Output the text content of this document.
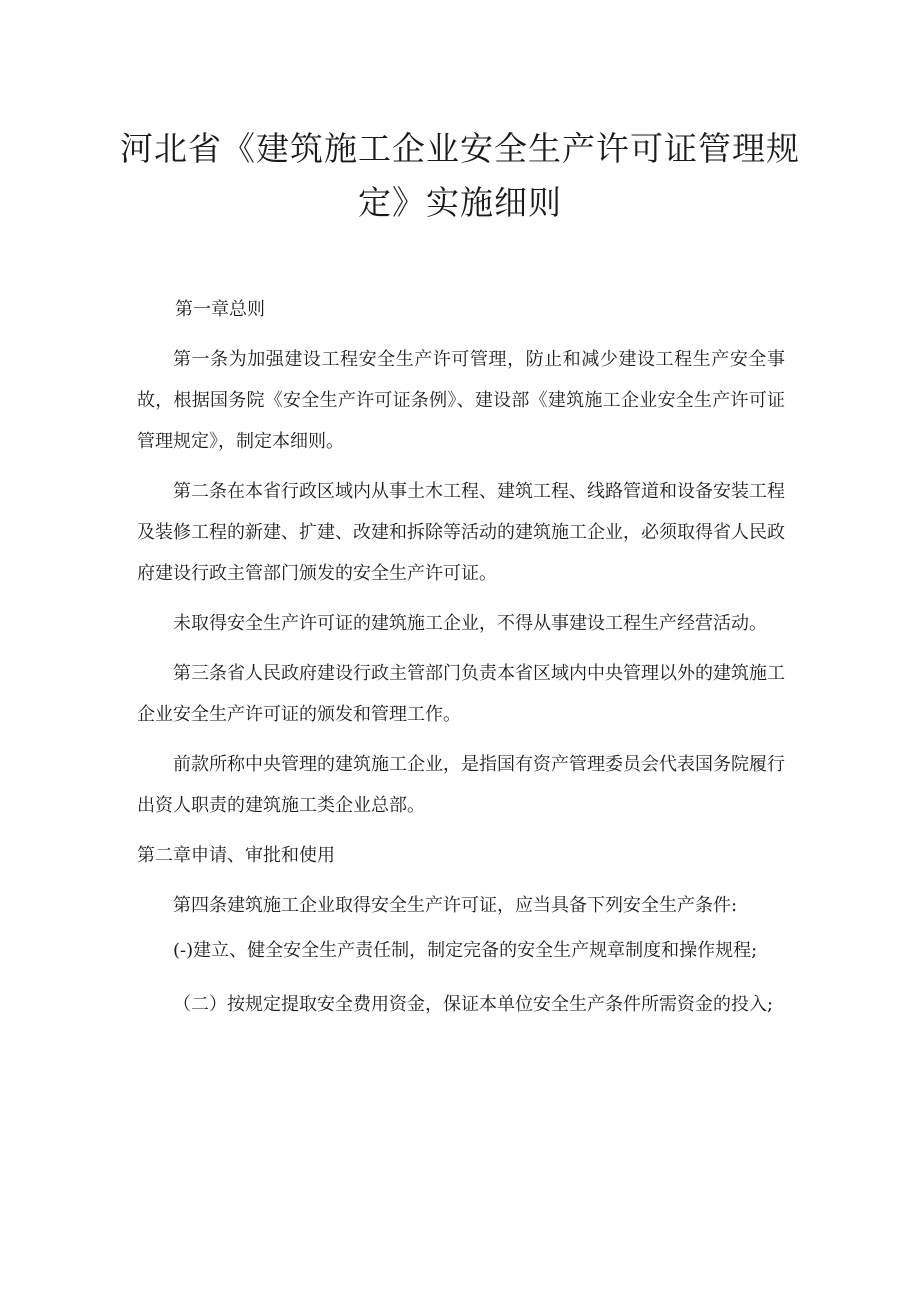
河北省《建筑施工企业安全生产许可证管理规定》实施细则

第一章总则

第一条为加强建设工程安全生产许可管理，防止和减少建设工程生产安全事故，根据国务院《安全生产许可证条例》、建设部《建筑施工企业安全生产许可证管理规定》，制定本细则。

第二条在本省行政区域内从事土木工程、建筑工程、线路管道和设备安装工程及装修工程的新建、扩建、改建和拆除等活动的建筑施工企业，必须取得省人民政府建设行政主管部门颁发的安全生产许可证。

未取得安全生产许可证的建筑施工企业，不得从事建设工程生产经营活动。

第三条省人民政府建设行政主管部门负责本省区域内中央管理以外的建筑施工企业安全生产许可证的颁发和管理工作。

前款所称中央管理的建筑施工企业，是指国有资产管理委员会代表国务院履行出资人职责的建筑施工类企业总部。

第二章申请、审批和使用

第四条建筑施工企业取得安全生产许可证，应当具备下列安全生产条件:

(-)建立、健全安全生产责任制，制定完备的安全生产规章制度和操作规程;

（二）按规定提取安全费用资金，保证本单位安全生产条件所需资金的投入;
